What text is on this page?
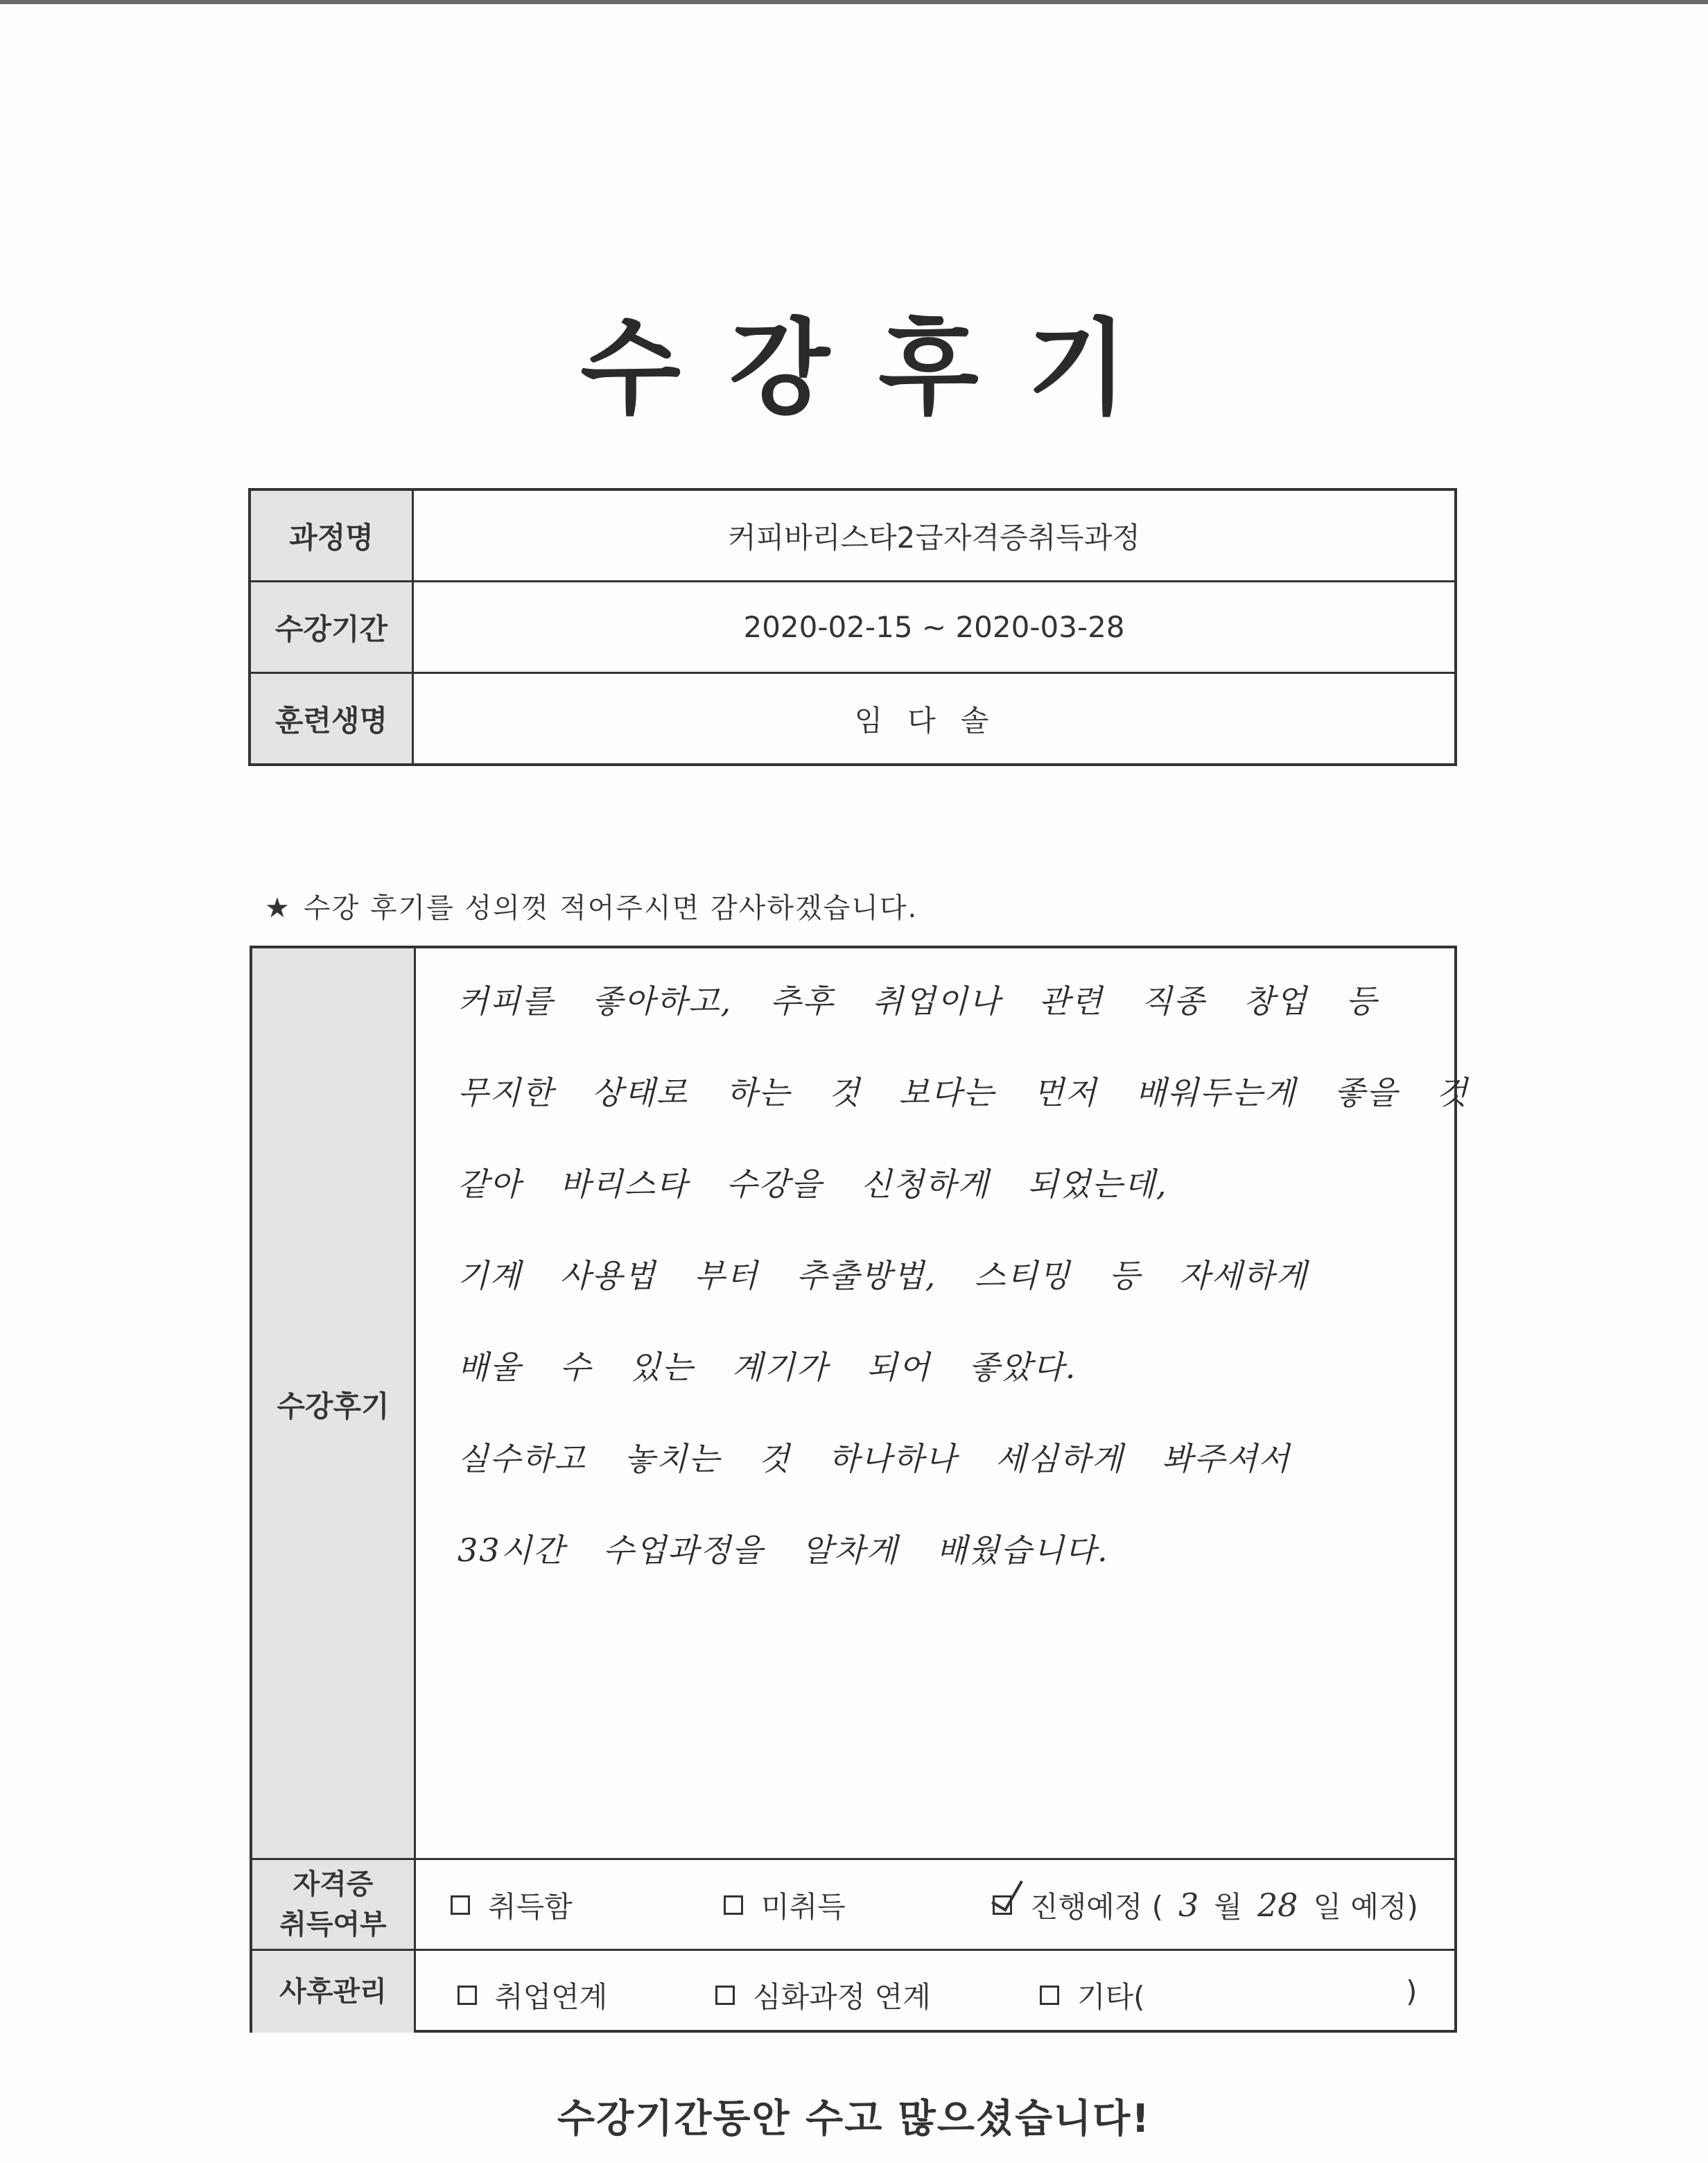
수강후기
과정명	커피바리스타2급자격증취득과정
수강기간	2020-02-15 ~ 2020-03-28
훈련생명	임다솔
★ 수강 후기를 성의껏 적어주시면 감사하겠습니다.
수강후기
커피를 좋아하고, 추후 취업이나 관련 직종 창업 등
무지한 상태로 하는 것 보다는 먼저 배워두는게 좋을 것
같아 바리스타 수강을 신청하게 되었는데,
기계 사용법 부터 추출방법, 스티밍 등 자세하게
배울 수 있는 계기가 되어 좋았다.
실수하고 놓치는 것 하나하나 세심하게 봐주셔서
33시간 수업과정을 알차게 배웠습니다.
자격증
취득여부
취득함	미취득	진행예정 ( 3 월 28 일 예정)
사후관리	취업연계	심화과정 연계	기타(	)
수강기간동안 수고 많으셨습니다!
